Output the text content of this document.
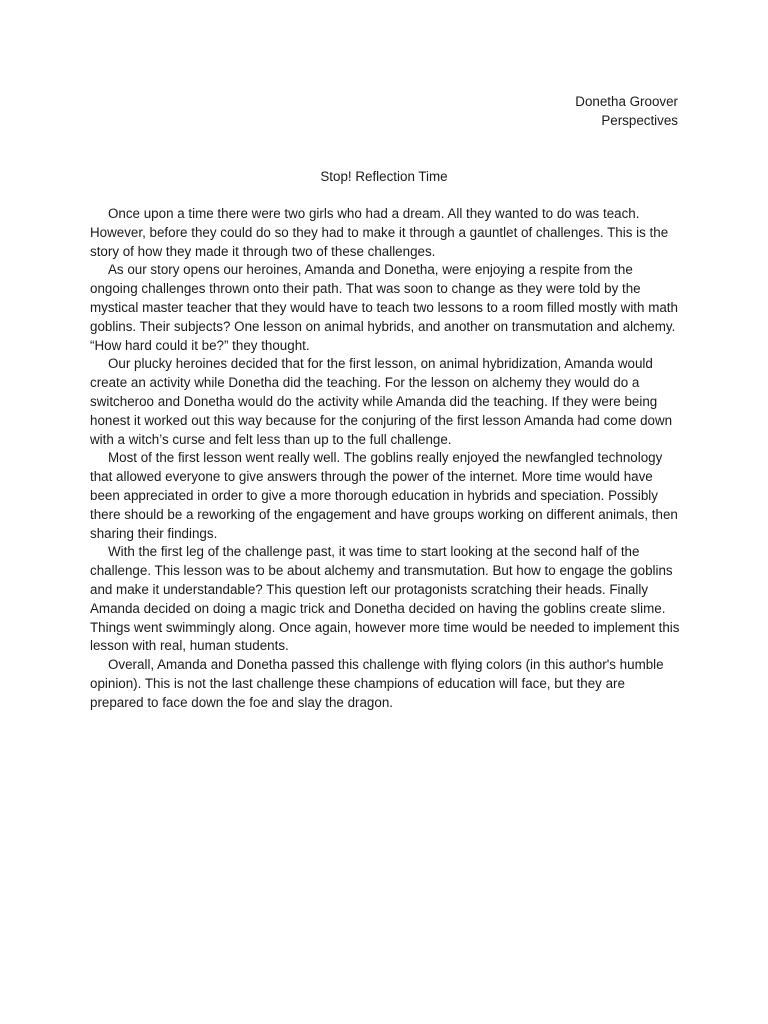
Donetha Groover
Perspectives
Stop! Reflection Time

Once upon a time there were two girls who had a dream. All they wanted to do was teach. However, before they could do so they had to make it through a gauntlet of challenges. This is the story of how they made it through two of these challenges.

As our story opens our heroines, Amanda and Donetha, were enjoying a respite from the ongoing challenges thrown onto their path. That was soon to change as they were told by the mystical master teacher that they would have to teach two lessons to a room filled mostly with math goblins. Their subjects? One lesson on animal hybrids, and another on transmutation and alchemy. “How hard could it be?” they thought.

Our plucky heroines decided that for the first lesson, on animal hybridization, Amanda would create an activity while Donetha did the teaching. For the lesson on alchemy they would do a switcheroo and Donetha would do the activity while Amanda did the teaching. If they were being honest it worked out this way because for the conjuring of the first lesson Amanda had come down with a witch’s curse and felt less than up to the full challenge.

Most of the first lesson went really well. The goblins really enjoyed the newfangled technology that allowed everyone to give answers through the power of the internet. More time would have been appreciated in order to give a more thorough education in hybrids and speciation. Possibly there should be a reworking of the engagement and have groups working on different animals, then sharing their findings.

With the first leg of the challenge past, it was time to start looking at the second half of the challenge. This lesson was to be about alchemy and transmutation. But how to engage the goblins and make it understandable? This question left our protagonists scratching their heads. Finally Amanda decided on doing a magic trick and Donetha decided on having the goblins create slime. Things went swimmingly along. Once again, however more time would be needed to implement this lesson with real, human students.

Overall, Amanda and Donetha passed this challenge with flying colors (in this author's humble opinion). This is not the last challenge these champions of education will face, but they are prepared to face down the foe and slay the dragon.
